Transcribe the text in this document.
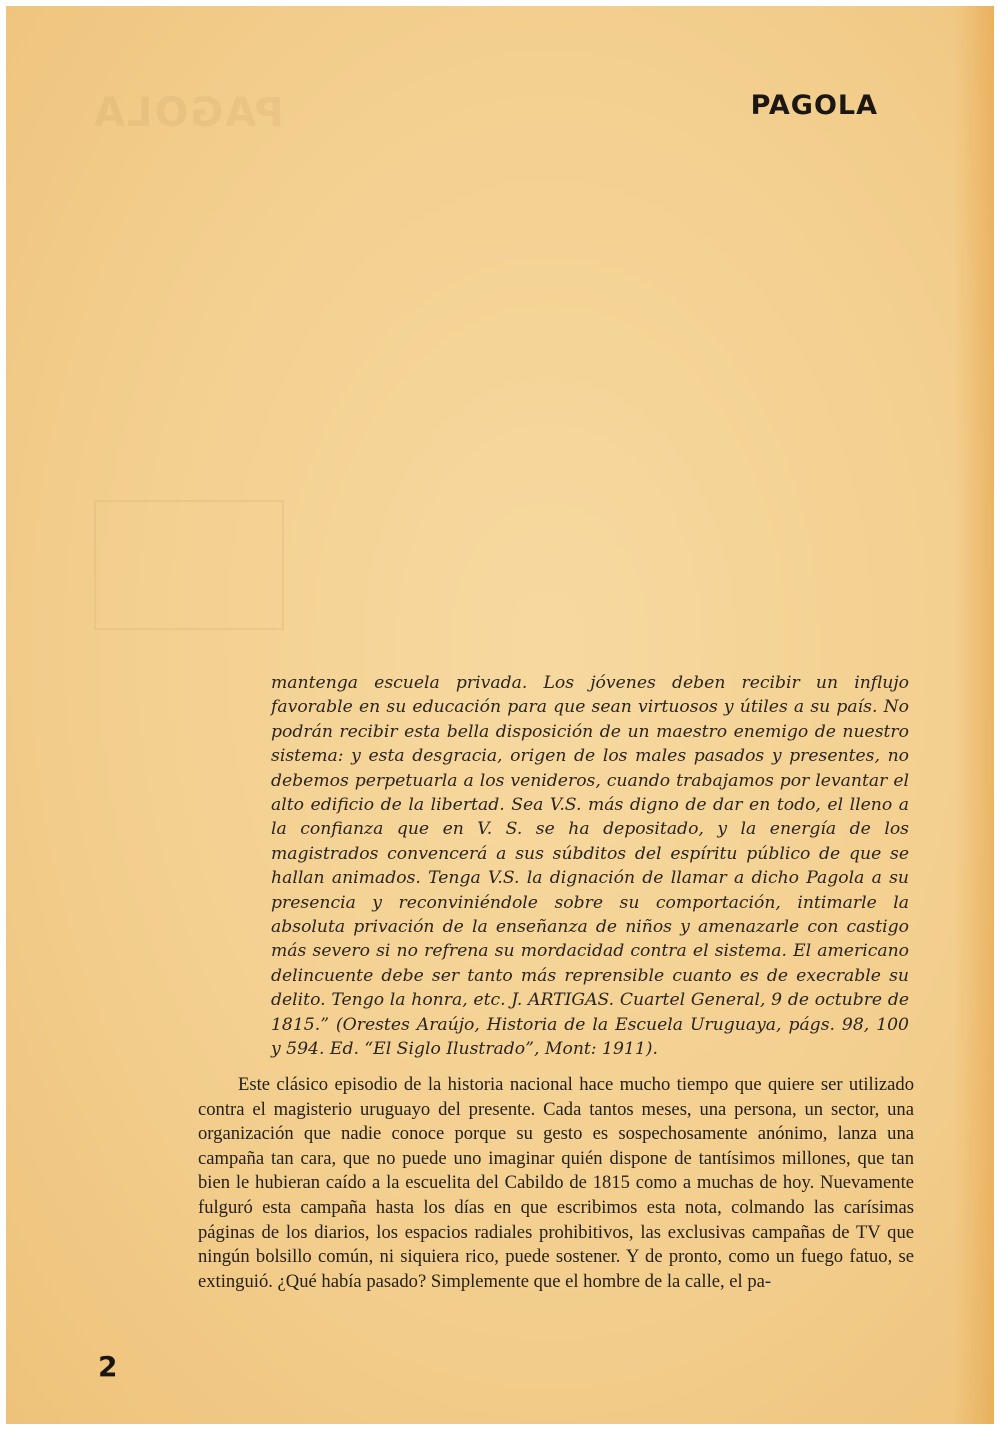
PAGOLA	PAGOLA

mantenga escuela privada. Los jóvenes deben recibir un influjo favorable en su educación para que sean virtuosos y útiles a su país. No podrán recibir esta bella disposición de un maestro enemigo de nuestro sistema: y esta desgracia, origen de los males pasados y presentes, no debemos perpetuarla a los venideros, cuando trabajamos por levantar el alto edificio de la libertad. Sea V.S. más digno de dar en todo, el lleno a la confianza que en V. S. se ha depositado, y la energía de los magistrados convencerá a sus súbditos del espíritu público de que se hallan animados. Tenga V.S. la dignación de llamar a dicho Pagola a su presencia y reconviniéndole sobre su comportación, intimarle la absoluta privación de la enseñanza de niños y amenazarle con castigo más severo si no refrena su mordacidad contra el sistema. El americano delincuente debe ser tanto más reprensible cuanto es de execrable su delito. Tengo la honra, etc. J. ARTIGAS. Cuartel General, 9 de octubre de 1815.” (Orestes Araújo, Historia de la Escuela Uruguaya, págs. 98, 100 y 594. Ed. “El Siglo Ilustrado”, Mont: 1911).

Este clásico episodio de la historia nacional hace mucho tiempo que quiere ser utilizado contra el magisterio uruguayo del presente. Cada tantos meses, una persona, un sector, una organización que nadie conoce porque su gesto es sospechosamente anónimo, lanza una campaña tan cara, que no puede uno imaginar quién dispone de tantísimos millones, que tan bien le hubieran caído a la escuelita del Cabildo de 1815 como a muchas de hoy. Nuevamente fulguró esta campaña hasta los días en que escribimos esta nota, colmando las carísimas páginas de los diarios, los espacios radiales prohibitivos, las exclusivas campañas de TV que ningún bolsillo común, ni siquiera rico, puede sostener. Y de pronto, como un fuego fatuo, se extinguió. ¿Qué había pasado? Simplemente que el hombre de la calle, el pa-

2
